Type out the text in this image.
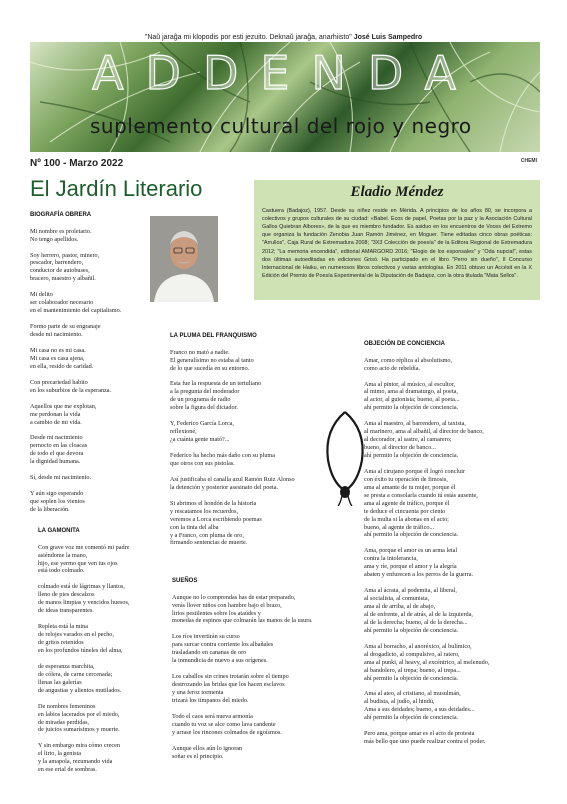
"Naŭ jaraĝa mi klopodis por esti jezuito. Deknaŭ jaraĝa, anarhiisto" José Luis Sampedro
ADDENDA
suplemento cultural del rojo y negro
Nº 100 - Marzo 2022	CHEMI
El Jardín Literario	Eladio Méndez
Castuera (Badajoz), 1957. Desde su niñez reside en Mérida. A principios de los años 80, se incorpora a colectivos y grupos culturales de su ciudad: «Babel. Ecos de papel, Poetas por la paz y la Asociación Cultural Gallos Quiebran Albores», de la que es miembro fundador. Es asiduo en los encuentros de Voces del Extremo que organiza la fundación Zenobia Juan Ramón Jiménez, en Moguer. Tiene editadas cinco obras poéticas: "Arrullos", Caja Rural de Extremadura 2008; "3X3 Colección de poesía" de la Editora Regional de Extremadura 2012; "La memoria encendida", editorial AMARGORD 2016; "Elogio de los esponsales" y "Oda nupcial", estas dos últimas autoeditadas en ediciones Grisó. Ha participado en el libro "Perro sin dueño", II Concurso Internacional de Haiku, en numerosos libros colectivos y varias antologías. En 2011 obtuvo un Accésit en la X Edición del Premio de Poesía Experimental de la Diputación de Badajoz, con la obra titulada "Mata Sellos".
BIOGRAFÍA OBRERA
Mi nombre es proletario.
No tengo apellidos.
Soy herrero, pastor, minero,
pescador, barrendero,
conductor de autobuses,
bracero, maestro y albañil.
Mi delito
ser colaborador necesario
en el mantenimiento del capitalismo.
Formo parte de su engranaje
desde mi nacimiento.
Mi casa no es mi casa.
Mi casa es casa ajena,
en ella, resido de caridad.
Con precariedad habito
en los suburbios de la esperanza.
Aquellos que me explotan,
me perdonan la vida
a cambio de mi vida.
Desde mi nacimiento
pernocto en las cloacas
de todo el que devora
la dignidad humana.
Sí, desde mi nacimiento.
Y aún sigo esperando
que soplen los vientos
de la liberación.
LA GAMONITA
Con grave voz me comentó mi padre
asiéndome la mano,
hijo, ese yermo que ven tus ojos
está todo colmado.
colmado está de lágrimas y llantos,
lleno de pies descalzos
de manos limpias y vencidos huesos,
de ideas transparentes.
Repleta está la mina
de relojes varados en el pecho,
de gritos retenidos
en los profundos túneles del alma,
de esperanza marchita,
de cólera, de carne cercenada;
llenas las galerías
de angustias y alientos mutilados.
De nombres femeninos
en labios lacerados por el miedo,
de miradas perdidas,
de juicios sumarísimos y muerte.
Y sin embargo mira cómo crecen
el lirio, la genista
y la amapola, rezumando vida
en ese erial de sombras.
LA PLUMA DEL FRANQUISMO
Franco no mató a nadie.
El generalísimo no estaba al tanto
de lo que sucedía en su entorno.
Esta fue la respuesta de un tertuliano
a la pregunta del moderador
de un programa de radio
sobre la figura del dictador.
Y, Federico García Lorca,
reflexioné,
¿a cuánta gente mató?...
Federico ha hecho más daño con su pluma
que otros con sus pistolas.
Así justificaba el canalla azul Ramón Ruiz Alonso
la detención y posterior asesinato del poeta.
Si abrimos el hondón de la historia
y rescatamos los recuerdos,
veremos a Lorca escribiendo poemas
con la tinta del alba
y a Franco, con pluma de oro,
firmando sentencias de muerte.
SUEÑOS
Aunque no lo comprendas has de estar preparado,
verás llover niños con hambre bajo el brazo,
lirios pestilentes sobre los ataúdes y
monedas de espinos que colmarán las manos de la usura.
Los ríos invertirán su curso
para surcar contra corriente los albañales
trasladando en cananas de oro
la inmundicia de nuevo a sus orígenes.
Los caballos sin crines trotarán sobre el tiempo
destrozando las bridas que los hacen esclavos
y una feroz tormenta
trizará los tímpanos del miedo.
Todo el caos será nueva armonía
cuando tu voz se alce como lava candente
y arrase los rincones colmados de egoísmos.
Aunque ellos aún lo ignoran
soñar es el principio.
OBJECIÓN DE CONCIENCIA
Amar, como réplica al absolutismo,
como acto de rebeldía.
Ama al pintor, al músico, al escultor,
al mimo, ama al dramaturgo, al poeta,
al actor, al guionista; bueno, al poeta...
ahí permito la objeción de conciencia.
Ama al maestro, al barrendero, al taxista,
al marinero, ama al albañil, al director de banco,
al decorador, al sastre, al camarero;
bueno, al director de banco...
ahí permito la objeción de conciencia.
Ama al cirujano porque él logró concluir
con éxito tu operación de fimosis,
ama al amante de tu mujer, porque él
se presta a consolarla cuando tú estás ausente,
ama al agente de tráfico, porque él
te deduce el cincuenta por ciento
de la multa si la abonas en el acto;
bueno, al agente de tráfico...
ahí permito la objeción de conciencia.
Ama, porque el amor es un arma letal
contra la intolerancia,
ama y ríe, porque el amor y la alegría
abaten y enfurecen a los perros de la guerra.
Ama al ácrata, al podemita, al liberal,
al socialista, al comunista,
ama al de arriba, al de abajo,
al de enfrente, al de atrás, al de la izquierda,
al de la derecha; bueno, al de la derecha...
ahí permito la objeción de conciencia.
Ama al borracho, al anoréxico, al bulímico,
al drogadicto, al compulsivo, al ratero,
ama al punki, al heavy, al excéntrico, al melenudo,
al bandolero, al trepa; bueno, al trepa...
ahí permito la objeción de conciencia.
Ama al ateo, al cristiano, al musulmán,
al budista, al judío, al hindú,
Ama a sus deidades; bueno, a sus deidades...
ahí permito la objeción de conciencia.
Pero ama, porque amar es el acto de protesta
más bello que uno puede realizar contra el poder.
